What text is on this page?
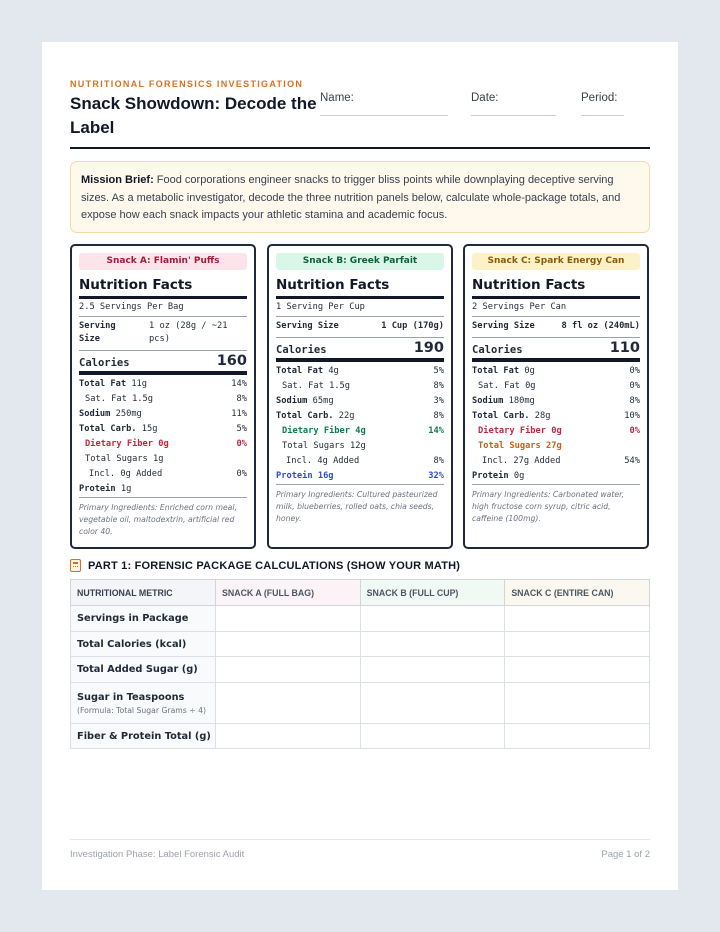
NUTRITIONAL FORENSICS INVESTIGATION
Snack Showdown: Decode the Label
Name:	Date:	Period:
Mission Brief: Food corporations engineer snacks to trigger bliss points while downplaying deceptive serving sizes. As a metabolic investigator, decode the three nutrition panels below, calculate whole-package totals, and expose how each snack impacts your athletic stamina and academic focus.
Snack A: Flamin' Puffs
Nutrition Facts
2.5 Servings Per Bag
Serving Size
1 oz (28g / ~21 pcs)
Calories	160
Total Fat 11g	14%
Sat. Fat 1.5g	8%
Sodium 250mg	11%
Total Carb. 15g	5%
Dietary Fiber 0g	0%
Total Sugars 1g
Incl. 0g Added	0%
Protein 1g
Primary Ingredients: Enriched corn meal, vegetable oil, maltodextrin, artificial red color 40.
Snack B: Greek Parfait
Nutrition Facts
1 Serving Per Cup
Serving Size	1 Cup (170g)
Calories	190
Total Fat 4g	5%
Sat. Fat 1.5g	8%
Sodium 65mg	3%
Total Carb. 22g	8%
Dietary Fiber 4g	14%
Total Sugars 12g
Incl. 4g Added	8%
Protein 16g	32%
Primary Ingredients: Cultured pasteurized milk, blueberries, rolled oats, chia seeds, honey.
Snack C: Spark Energy Can
Nutrition Facts
2 Servings Per Can
Serving Size	8 fl oz (240mL)
Calories	110
Total Fat 0g	0%
Sat. Fat 0g	0%
Sodium 180mg	8%
Total Carb. 28g	10%
Dietary Fiber 0g	0%
Total Sugars 27g
Incl. 27g Added	54%
Protein 0g
Primary Ingredients: Carbonated water, high fructose corn syrup, citric acid, caffeine (100mg).
PART 1: FORENSIC PACKAGE CALCULATIONS (SHOW YOUR MATH)
NUTRITIONAL METRIC	SNACK A (FULL BAG)	SNACK B (FULL CUP)	SNACK C (ENTIRE CAN)
Servings in Package			
Total Calories (kcal)			
Total Added Sugar (g)			
Sugar in Teaspoons
(Formula: Total Sugar Grams ÷ 4)			

Fiber & Protein Total (g)			
Investigation Phase: Label Forensic Audit	Page 1 of 2
